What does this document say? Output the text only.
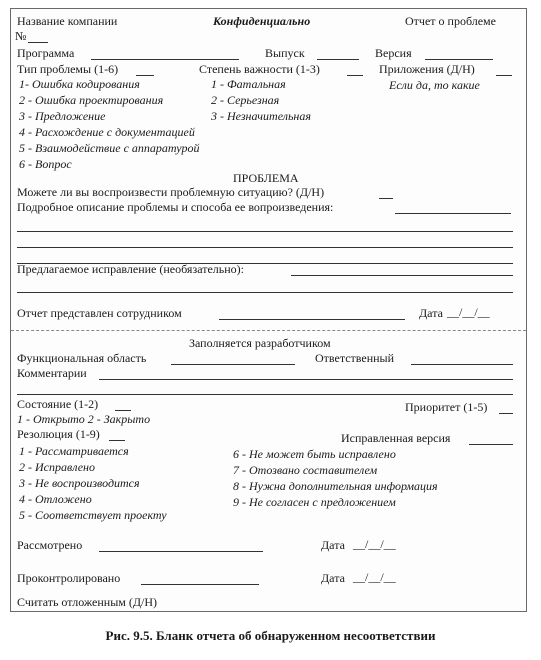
Название компании	Конфиденциально	Отчет о проблеме
№
Программа	Выпуск	Версия
Тип проблемы (1-6)	Степень важности (1-3)	Приложения (Д/Н)
Если да, то какие
1- Ошибка кодирования
2 - Ошибка проектирования
3 - Предложение
4 - Расхождение с документацией
5 - Взаимодействие с аппаратурой
6 - Вопрос
1 - Фатальная
2 - Серьезная
3 - Незначительная
ПРОБЛЕМА
Можете ли вы воспроизвести проблемную ситуацию? (Д/Н)
Подробное описание проблемы и способа ее вопроизведения:
Предлагаемое исправление (необязательно):
Отчет представлен сотрудником	Дата __/__/__
Заполняется разработчиком
Функциональная область	Ответственный
Комментарии
Состояние (1-2)
1 - Открыто 2 - Закрыто
Приоритет (1-5)
Резолюция (1-9)	Исправленная версия
1 - Рассматривается
2 - Исправлено
3 - Не воспроизводится
4 - Отложено
5 - Соответствует проекту
6 - Не может быть исправлено
7 - Отозвано составителем
8 - Нужна дополнительная информация
9 - Не согласен с предложением
Рассмотрено	Дата __/__/__
Проконтролировано	Дата __/__/__
Считать отложенным (Д/Н)
Рис. 9.5. Бланк отчета об обнаруженном несоответствии
